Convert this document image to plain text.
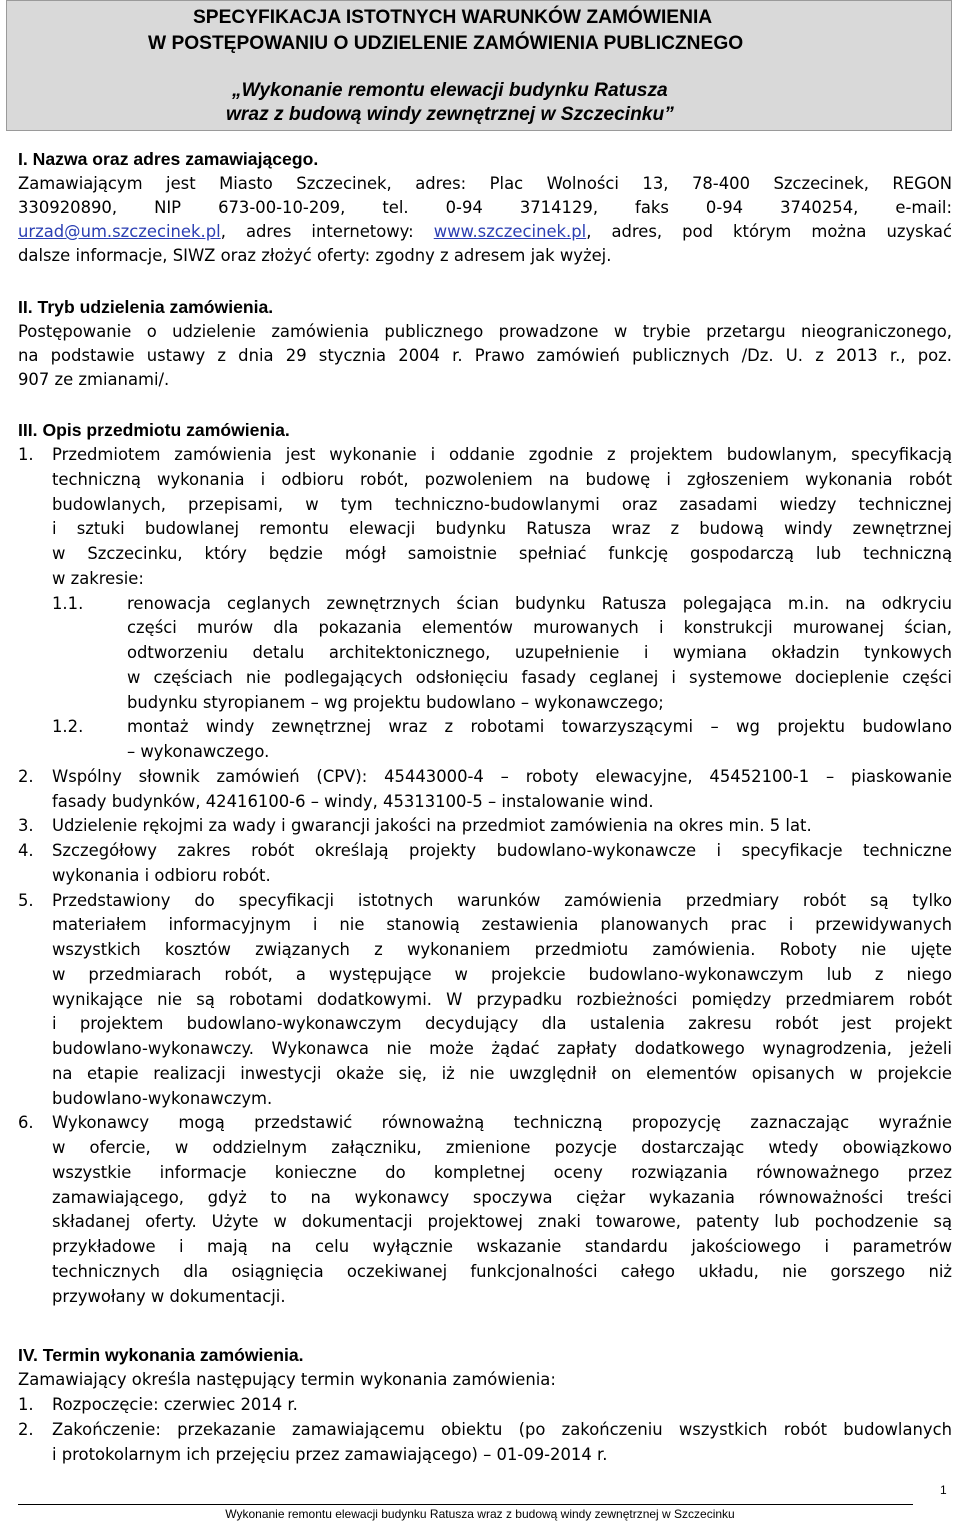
SPECYFIKACJA ISTOTNYCH WARUNKÓW ZAMÓWIENIA
W POSTĘPOWANIU O UDZIELENIE ZAMÓWIENIA PUBLICZNEGO
„Wykonanie remontu elewacji budynku Ratusza
wraz z budową windy zewnętrznej w Szczecinku”
I. Nazwa oraz adres zamawiającego.
Zamawiającym jest Miasto Szczecinek, adres: Plac Wolności 13, 78-400 Szczecinek, REGON
330920890, NIP 673-00-10-209, tel. 0-94 3714129, faks 0-94 3740254, e-mail:
urzad@um.szczecinek.pl, adres internetowy: www.szczecinek.pl, adres, pod którym można uzyskać
dalsze informacje, SIWZ oraz złożyć oferty: zgodny z adresem jak wyżej.
II. Tryb udzielenia zamówienia.
Postępowanie o udzielenie zamówienia publicznego prowadzone w trybie przetargu nieograniczonego,
na podstawie ustawy z dnia 29 stycznia 2004 r. Prawo zamówień publicznych /Dz. U. z 2013 r., poz.
907 ze zmianami/.
III. Opis przedmiotu zamówienia.
1. Przedmiotem zamówienia jest wykonanie i oddanie zgodnie z projektem budowlanym, specyfikacją
techniczną wykonania i odbioru robót, pozwoleniem na budowę i zgłoszeniem wykonania robót
budowlanych, przepisami, w tym techniczno-budowlanymi oraz zasadami wiedzy technicznej
i sztuki budowlanej remontu elewacji budynku Ratusza wraz z budową windy zewnętrznej
w Szczecinku, który będzie mógł samoistnie spełniać funkcję gospodarczą lub techniczną
w zakresie:
1.1.	renowacja ceglanych zewnętrznych ścian budynku Ratusza polegająca m.in. na odkryciu
części murów dla pokazania elementów murowanych i konstrukcji murowanej ścian,
odtworzeniu detalu architektonicznego, uzupełnienie i wymiana okładzin tynkowych
w częściach nie podlegających odsłonięciu fasady ceglanej i systemowe docieplenie części
budynku styropianem – wg projektu budowlano – wykonawczego;
1.2.	montaż windy zewnętrznej wraz z robotami towarzyszącymi – wg projektu budowlano
– wykonawczego.
2. Wspólny słownik zamówień (CPV): 45443000-4 – roboty elewacyjne, 45452100-1 – piaskowanie
fasady budynków, 42416100-6 – windy, 45313100-5 – instalowanie wind.
3. Udzielenie rękojmi za wady i gwarancji jakości na przedmiot zamówienia na okres min. 5 lat.
4. Szczegółowy zakres robót określają projekty budowlano-wykonawcze i specyfikacje techniczne
wykonania i odbioru robót.
5. Przedstawiony do specyfikacji istotnych warunków zamówienia przedmiary robót są tylko
materiałem informacyjnym i nie stanowią zestawienia planowanych prac i przewidywanych
wszystkich kosztów związanych z wykonaniem przedmiotu zamówienia. Roboty nie ujęte
w przedmiarach robót, a występujące w projekcie budowlano-wykonawczym lub z niego
wynikające nie są robotami dodatkowymi. W przypadku rozbieżności pomiędzy przedmiarem robót
i projektem budowlano-wykonawczym decydujący dla ustalenia zakresu robót jest projekt
budowlano-wykonawczy. Wykonawca nie może żądać zapłaty dodatkowego wynagrodzenia, jeżeli
na etapie realizacji inwestycji okaże się, iż nie uwzględnił on elementów opisanych w projekcie
budowlano-wykonawczym.
6. Wykonawcy mogą przedstawić równoważną techniczną propozycję zaznaczając wyraźnie
w ofercie, w oddzielnym załączniku, zmienione pozycje dostarczając wtedy obowiązkowo
wszystkie informacje konieczne do kompletnej oceny rozwiązania równoważnego przez
zamawiającego, gdyż to na wykonawcy spoczywa ciężar wykazania równoważności treści
składanej oferty. Użyte w dokumentacji projektowej znaki towarowe, patenty lub pochodzenie są
przykładowe i mają na celu wyłącznie wskazanie standardu jakościowego i parametrów
technicznych dla osiągnięcia oczekiwanej funkcjonalności całego układu, nie gorszego niż
przywołany w dokumentacji.
IV. Termin wykonania zamówienia.
Zamawiający określa następujący termin wykonania zamówienia:
1. Rozpoczęcie: czerwiec 2014 r.
2. Zakończenie: przekazanie zamawiającemu obiektu (po zakończeniu wszystkich robót budowlanych
i protokolarnym ich przejęciu przez zamawiającego) – 01-09-2014 r.
1
Wykonanie remontu elewacji budynku Ratusza wraz z budową windy zewnętrznej w Szczecinku
